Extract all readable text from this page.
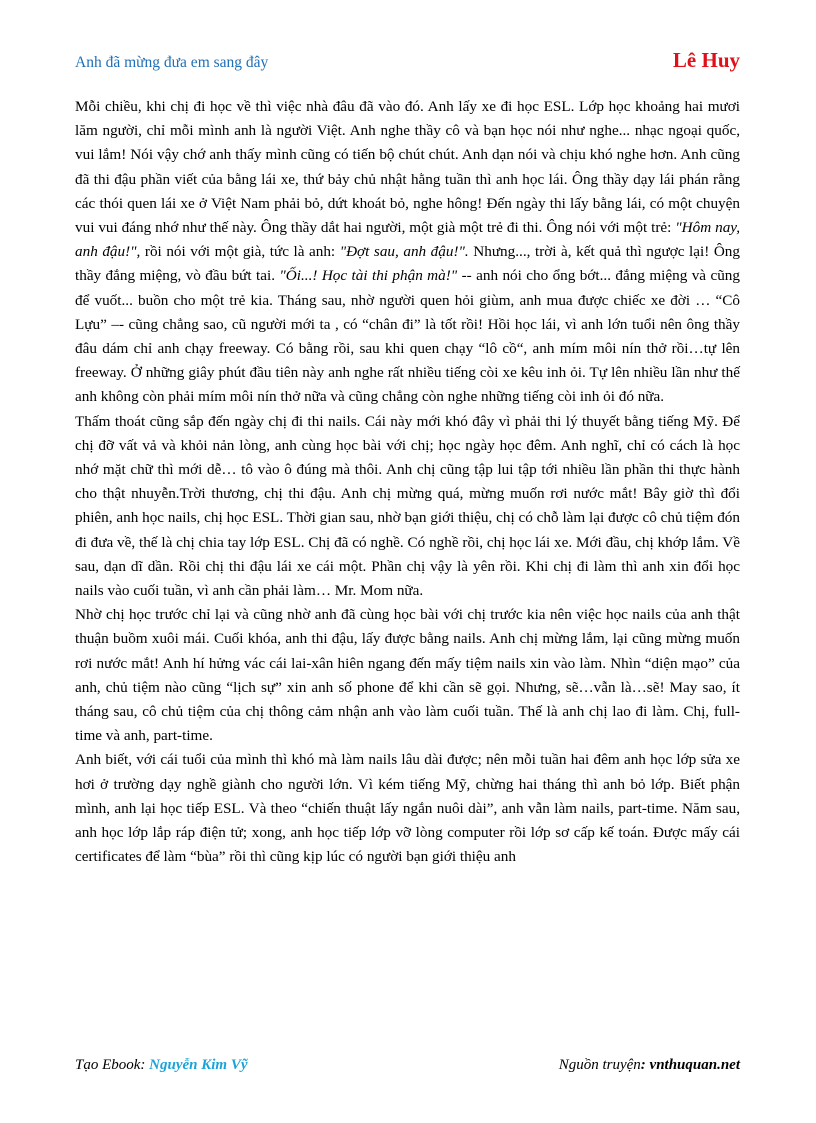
Anh đã mừng đưa em sang đây	Lê Huy

Mỗi chiều, khi chị đi học về thì việc nhà đâu đã vào đó. Anh lấy xe đi học ESL. Lớp học khoảng hai mươi lăm người, chỉ mỗi mình anh là người Việt. Anh nghe thầy cô và bạn học nói như nghe... nhạc ngoại quốc, vui lắm! Nói vậy chớ anh thấy mình cũng có tiến bộ chút chút. Anh dạn nói và chịu khó nghe hơn. Anh cũng đã thi đậu phần viết của bằng lái xe, thứ bảy chủ nhật hằng tuần thì anh học lái. Ông thầy dạy lái phán rằng các thói quen lái xe ở Việt Nam phải bỏ, dứt khoát bỏ, nghe hông! Đến ngày thi lấy bằng lái, có một chuyện vui vui đáng nhớ như thế này. Ông thầy dắt hai người, một già một trẻ đi thi. Ông nói với một trẻ: "Hôm nay, anh đậu!", rồi nói với một già, tức là anh: "Đợt sau, anh đậu!". Nhưng..., trời à, kết quả thì ngược lại! Ông thầy đắng miệng, vò đầu bứt tai. "Ối...! Học tài thi phận mà!" -- anh nói cho ổng bớt... đắng miệng và cũng để vuốt... buồn cho một trẻ kia. Tháng sau, nhờ người quen hỏi giùm, anh mua được chiếc xe đời … “Cô Lựu” –- cũng chẳng sao, cũ người mới ta , có “chân đi” là tốt rồi! Hồi học lái, vì anh lớn tuổi nên ông thầy đâu dám chỉ anh chạy freeway. Có bằng rồi, sau khi quen chạy “lô cồ“, anh mím môi nín thở rồi…tự lên freeway. Ở những giây phút đầu tiên này anh nghe rất nhiều tiếng còi xe kêu inh ỏi. Tự lên nhiều lần như thế anh không còn phải mím môi nín thở nữa và cũng chẳng còn nghe những tiếng còi inh ỏi đó nữa.

Thấm thoát cũng sắp đến ngày chị đi thi nails. Cái này mới khó đây vì phải thi lý thuyết bằng tiếng Mỹ. Để chị đỡ vất vả và khỏi nản lòng, anh cùng học bài với chị; học ngày học đêm. Anh nghĩ, chỉ có cách là học nhớ mặt chữ thì mới dễ… tô vào ô đúng mà thôi. Anh chị cũng tập lui tập tới nhiều lần phần thi thực hành cho thật nhuyễn.Trời thương, chị thi đậu. Anh chị mừng quá, mừng muốn rơi nước mắt! Bây giờ thì đổi phiên, anh học nails, chị học ESL. Thời gian sau, nhờ bạn giới thiệu, chị có chỗ làm lại được cô chủ tiệm đón đi đưa về, thế là chị chia tay lớp ESL. Chị đã có nghề. Có nghề rồi, chị học lái xe. Mới đầu, chị khớp lắm. Về sau, dạn dĩ dần. Rồi chị thi đậu lái xe cái một. Phần chị vậy là yên rồi. Khi chị đi làm thì anh xin đổi học nails vào cuối tuần, vì anh cần phải làm… Mr. Mom nữa.

Nhờ chị học trước chỉ lại và cũng nhờ anh đã cùng học bài với chị trước kia nên việc học nails của anh thật thuận buồm xuôi mái. Cuối khóa, anh thi đậu, lấy được bằng nails. Anh chị mừng lắm, lại cũng mừng muốn rơi nước mắt! Anh hí hửng vác cái lai-xân hiên ngang đến mấy tiệm nails xin vào làm. Nhìn “diện mạo” của anh, chủ tiệm nào cũng “lịch sự” xin anh số phone để khi cần sẽ gọi. Nhưng, sẽ…vẫn là…sẽ! May sao, ít tháng sau, cô chủ tiệm của chị thông cảm nhận anh vào làm cuối tuần. Thế là anh chị lao đi làm. Chị, full-time và anh, part-time.

Anh biết, với cái tuổi của mình thì khó mà làm nails lâu dài được; nên mỗi tuần hai đêm anh học lớp sửa xe hơi ở trường dạy nghề giành cho người lớn. Vì kém tiếng Mỹ, chừng hai tháng thì anh bỏ lớp. Biết phận mình, anh lại học tiếp ESL. Và theo “chiến thuật lấy ngắn nuôi dài”, anh vẫn làm nails, part-time. Năm sau, anh học lớp lắp ráp điện tử; xong, anh học tiếp lớp vỡ lòng computer rồi lớp sơ cấp kế toán. Được mấy cái certificates để làm “bùa” rồi thì cũng kịp lúc có người bạn giới thiệu anh

Tạo Ebook: Nguyễn Kim Vỹ	Nguồn truyện: vnthuquan.net
